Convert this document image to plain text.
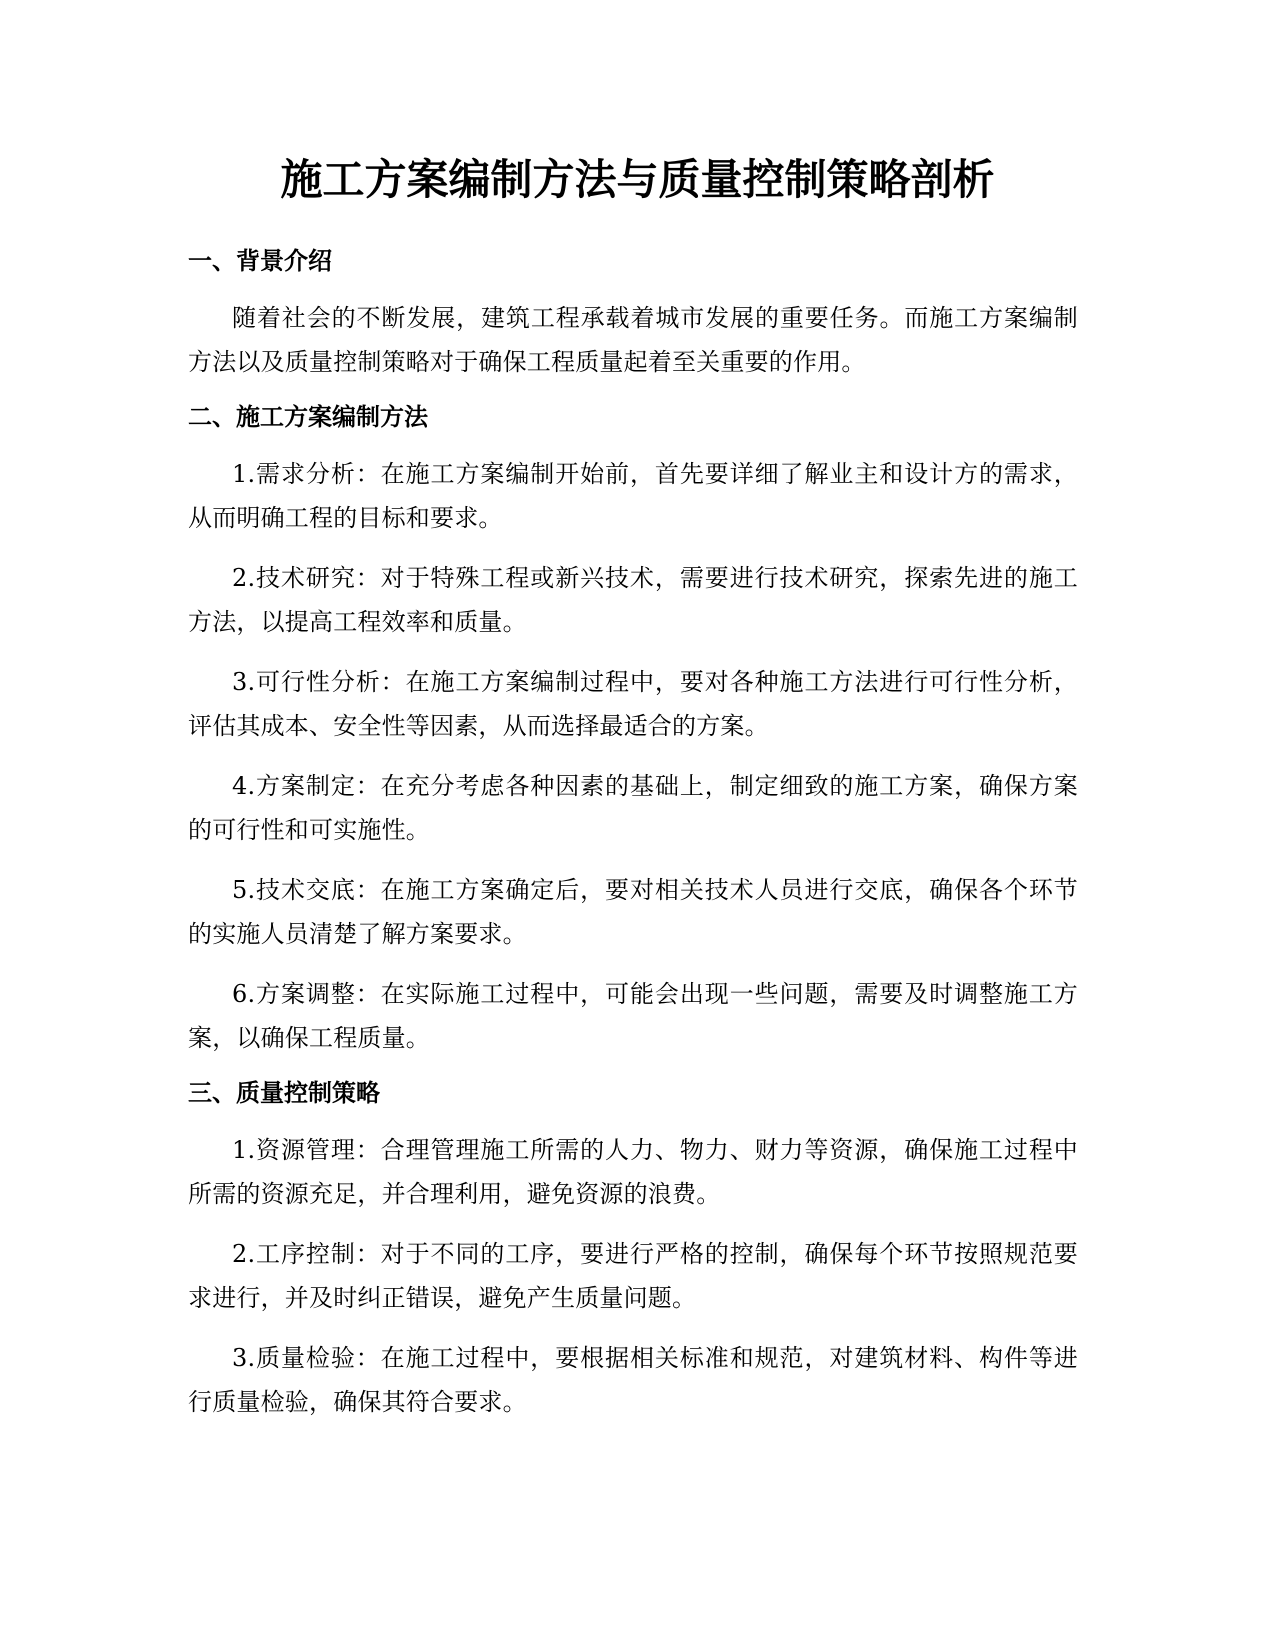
施工方案编制方法与质量控制策略剖析
一、背景介绍

随着社会的不断发展，建筑工程承载着城市发展的重要任务。而施工方案编制方法以及质量控制策略对于确保工程质量起着至关重要的作用。

二、施工方案编制方法

1.需求分析：在施工方案编制开始前，首先要详细了解业主和设计方的需求，从而明确工程的目标和要求。

2.技术研究：对于特殊工程或新兴技术，需要进行技术研究，探索先进的施工方法，以提高工程效率和质量。

3.可行性分析：在施工方案编制过程中，要对各种施工方法进行可行性分析，评估其成本、安全性等因素，从而选择最适合的方案。

4.方案制定：在充分考虑各种因素的基础上，制定细致的施工方案，确保方案的可行性和可实施性。

5.技术交底：在施工方案确定后，要对相关技术人员进行交底，确保各个环节的实施人员清楚了解方案要求。

6.方案调整：在实际施工过程中，可能会出现一些问题，需要及时调整施工方案，以确保工程质量。

三、质量控制策略

1.资源管理：合理管理施工所需的人力、物力、财力等资源，确保施工过程中所需的资源充足，并合理利用，避免资源的浪费。

2.工序控制：对于不同的工序，要进行严格的控制，确保每个环节按照规范要求进行，并及时纠正错误，避免产生质量问题。

3.质量检验：在施工过程中，要根据相关标准和规范，对建筑材料、构件等进行质量检验，确保其符合要求。
